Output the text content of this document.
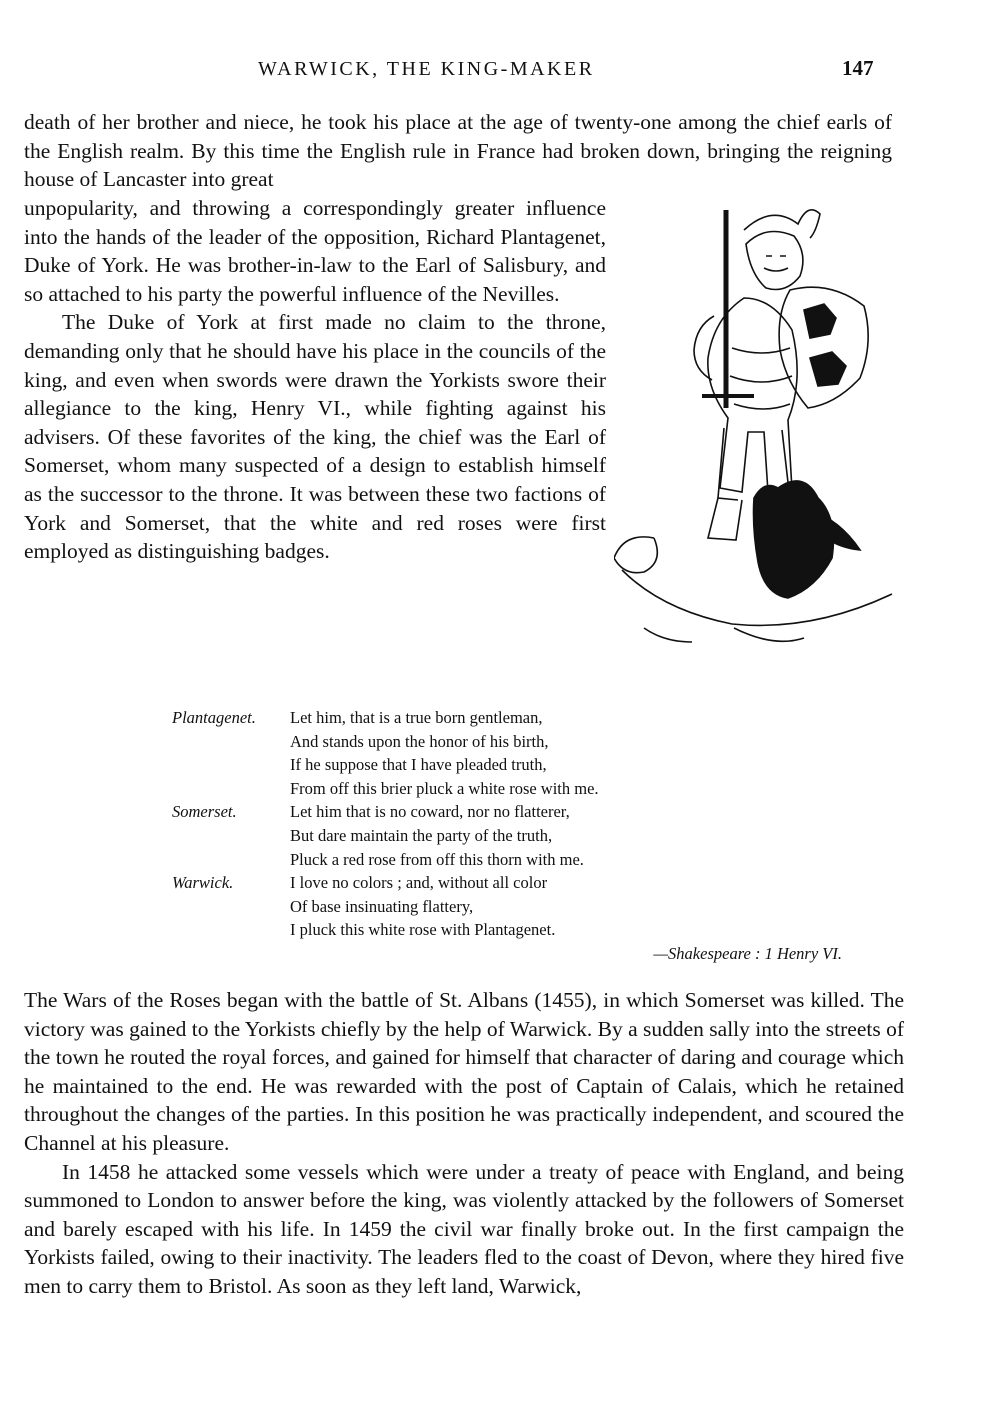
WARWICK, THE KING-MAKER	147
death of her brother and niece, he took his place at the age of twenty-one among the chief earls of the English realm. By this time the English rule in France had broken down, bringing the reigning house of Lancaster into great

unpopularity, and throwing a correspondingly greater influence into the hands of the leader of the opposition, Richard Plantagenet, Duke of York. He was brother-in-law to the Earl of Salisbury, and so attached to his party the powerful influence of the Nevilles.

The Duke of York at first made no claim to the throne, demanding only that he should have his place in the councils of the king, and even when swords were drawn the Yorkists swore their allegiance to the king, Henry VI., while fighting against his advisers. Of these favorites of the king, the chief was the Earl of Somerset, whom many suspected of a design to establish himself as the successor to the throne. It was between these two factions of York and Somerset, that the white and red roses were first employed as distinguishing badges.

Plantagenet. Let him, that is a true born gentleman,
And stands upon the honor of his birth,
If he suppose that I have pleaded truth,
From off this brier pluck a white rose with me.
Somerset.	Let him that is no coward, nor no flatterer,
But dare maintain the party of the truth,
Pluck a red rose from off this thorn with me.
Warwick.	I love no colors ; and, without all color
Of base insinuating flattery,
I pluck this white rose with Plantagenet.
—Shakespeare : 1 Henry VI.

The Wars of the Roses began with the battle of St. Albans (1455), in which Somerset was killed. The victory was gained to the Yorkists chiefly by the help of Warwick. By a sudden sally into the streets of the town he routed the royal forces, and gained for himself that character of daring and courage which he maintained to the end. He was rewarded with the post of Captain of Calais, which he retained throughout the changes of the parties. In this position he was practically independent, and scoured the Channel at his pleasure.

In 1458 he attacked some vessels which were under a treaty of peace with England, and being summoned to London to answer before the king, was violently attacked by the followers of Somerset and barely escaped with his life. In 1459 the civil war finally broke out. In the first campaign the Yorkists failed, owing to their inactivity. The leaders fled to the coast of Devon, where they hired five men to carry them to Bristol. As soon as they left land, Warwick,
